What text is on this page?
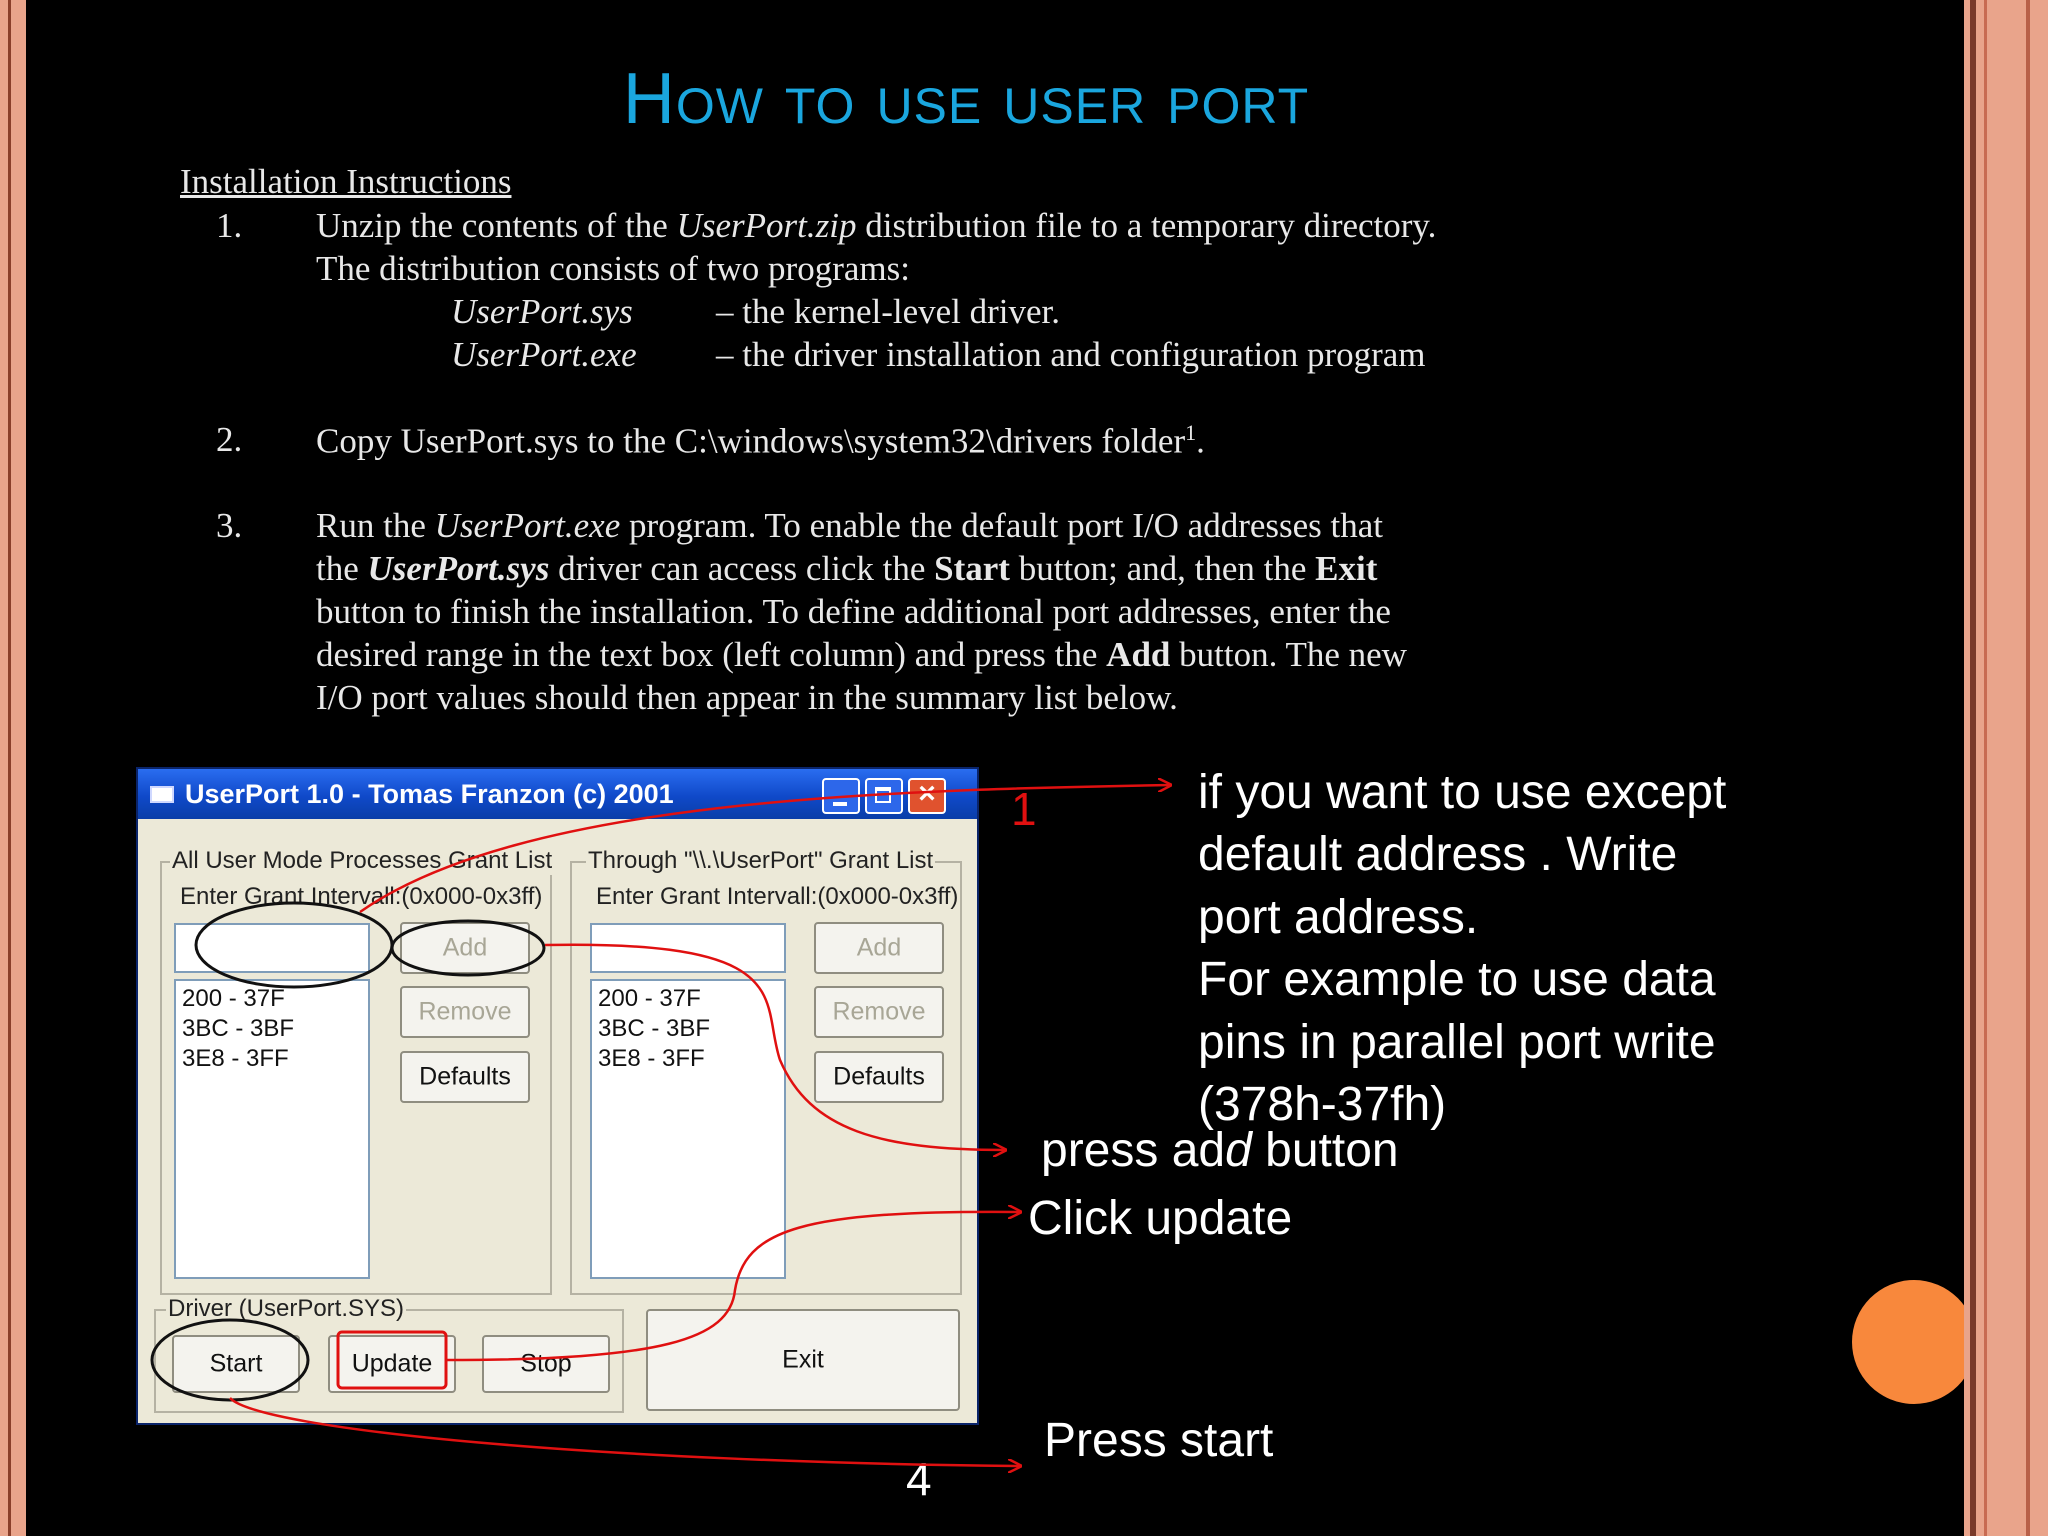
How to use user port
Installation Instructions
1. Unzip the contents of the UserPort.zip distribution file to a temporary directory.
The distribution consists of two programs:
UserPort.sys – the kernel-level driver.
UserPort.exe – the driver installation and configuration program
2. Copy UserPort.sys to the C:\windows\system32\drivers folder$^1$.
3. Run the UserPort.exe program. To enable the default port I/O addresses that
the UserPort.sys driver can access click the Start button; and, then the Exit
button to finish the installation. To define additional port addresses, enter the
desired range in the text box (left column) and press the Add button. The new
I/O port values should then appear in the summary list below.
if you want to use except
default address . Write
port address.
For example to use data
pins in parallel port write
(378h-37fh)
press add button
Click update
Press start
1
4
UserPort 1.0 - Tomas Franzon (c) 2001	×
All User Mode Processes Grant List
Enter Grant Intervall:(0x000-0x3ff)
Add
200 - 37F
3BC - 3BF
3E8 - 3FF
Remove
Defaults
Through "\\.\UserPort" Grant List
Enter Grant Intervall:(0x000-0x3ff)
Add
200 - 37F
3BC - 3BF
3E8 - 3FF
Remove
Defaults
Driver (UserPort.SYS)
Start	Update	Stop	Exit
